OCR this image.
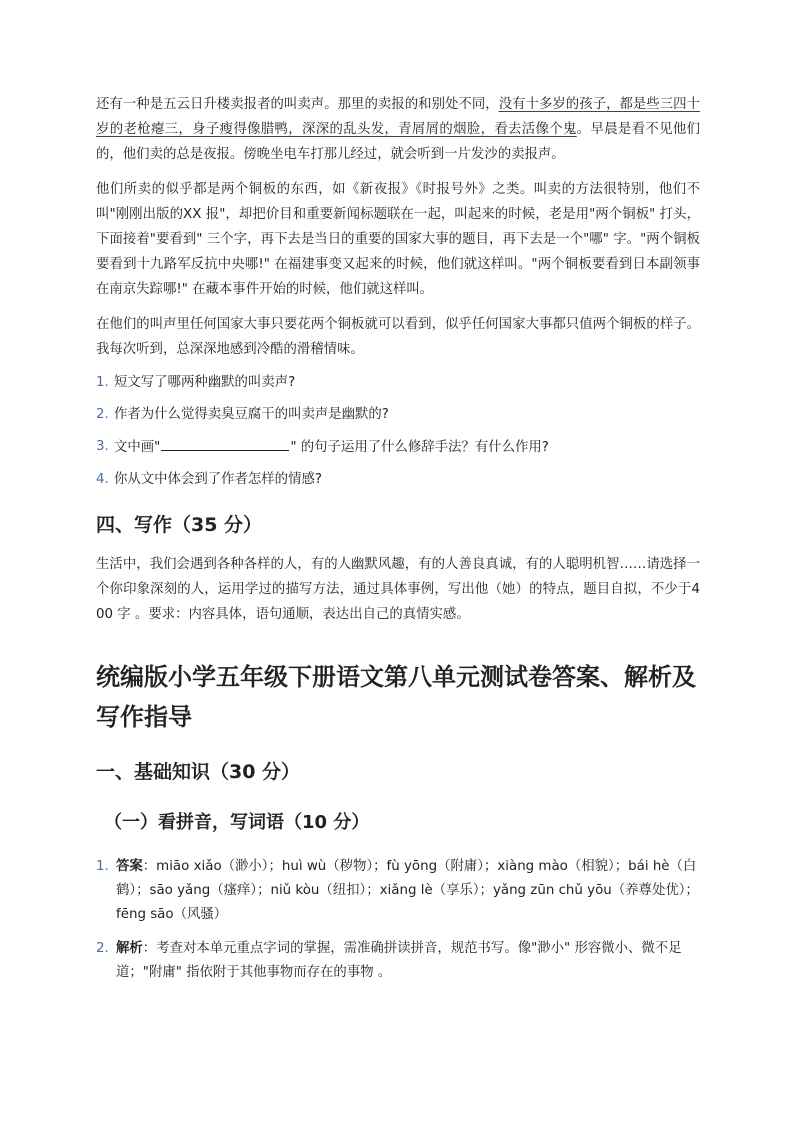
还有一种是五云日升楼卖报者的叫卖声。那里的卖报的和别处不同，没有十多岁的孩子，都是些三四十岁的老枪瘪三，身子瘦得像腊鸭，深深的乱头发，青屑屑的烟脸，看去活像个鬼。早晨是看不见他们的，他们卖的总是夜报。傍晚坐电车打那儿经过，就会听到一片发沙的卖报声。

他们所卖的似乎都是两个铜板的东西，如《新夜报》《时报号外》之类。叫卖的方法很特别，他们不叫"刚刚出版的XX 报"，却把价目和重要新闻标题联在一起，叫起来的时候，老是用"两个铜板" 打头，下面接着"要看到" 三个字，再下去是当日的重要的国家大事的题目，再下去是一个"哪" 字。"两个铜板要看到十九路军反抗中央哪!" 在福建事变又起来的时候，他们就这样叫。"两个铜板要看到日本副领事在南京失踪哪!" 在藏本事件开始的时候，他们就这样叫。

在他们的叫声里任何国家大事只要花两个铜板就可以看到，似乎任何国家大事都只值两个铜板的样子。我每次听到，总深深地感到冷酷的滑稽情味。

1. 短文写了哪两种幽默的叫卖声?
2. 作者为什么觉得卖臭豆腐干的叫卖声是幽默的?
3. 文中画"	" 的句子运用了什么修辞手法？有什么作用?
4. 你从文中体会到了作者怎样的情感?
四、写作（35 分）

生活中，我们会遇到各种各样的人，有的人幽默风趣，有的人善良真诚，有的人聪明机智……请选择一个你印象深刻的人，运用学过的描写方法，通过具体事例，写出他（她）的特点，题目自拟，不少于400 字 。要求：内容具体，语句通顺，表达出自己的真情实感。

统编版小学五年级下册语文第八单元测试卷答案、解析及写作指导
一、基础知识（30 分）
（一）看拼音，写词语（10 分）
1. 答案：miāo xiǎo（渺小）；huì wù（秽物）；fù yōng（附庸）；xiàng mào（相貌）；bái hè（白鹤）；sāo yǎng（瘙痒）；niǔ kòu（纽扣）；xiǎng lè（享乐）；yǎng zūn chǔ yōu（养尊处优）；fēng sāo（风骚）
2. 解析：考查对本单元重点字词的掌握，需准确拼读拼音，规范书写。像"渺小" 形容微小、微不足道；"附庸" 指依附于其他事物而存在的事物 。
